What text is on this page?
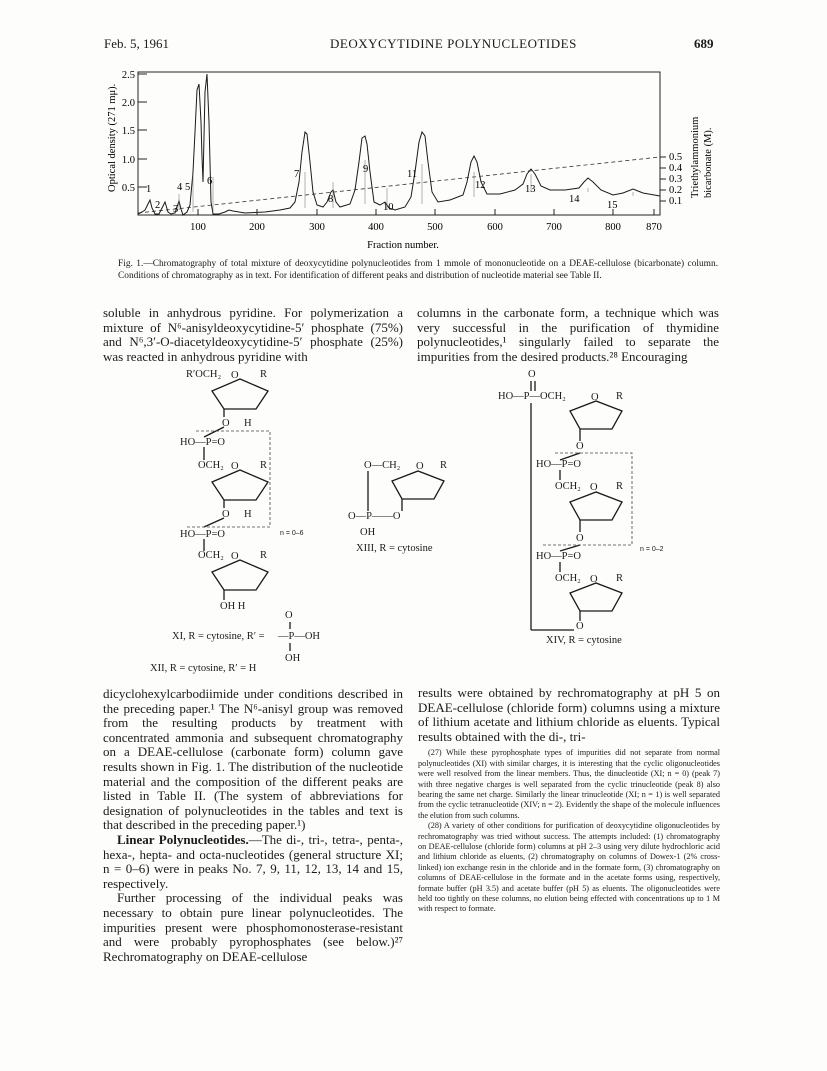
Feb. 5, 1961	DEOXYCYTIDINE POLYNUCLEOTIDES	689
Optical density (271 mμ). 0.5
1.0
1.5
2.0
2.5
1
2 3
4 5
6
7
8
9
10
11
12	13
14
15
100	200	300	400	500	600	700	800 870
Fraction number.
0.5
0.4
0.3
0.2
0.1
Triethylammonium bicarbonate (M).
Fig. 1.—Chromatography of total mixture of deoxycytidine polynucleotides from 1 mmole of mononucleotide on a DEAE-cellulose (bicarbonate) column. Conditions of chromatography as in text. For identification of different peaks and distribution of nucleotide material see Table II.

soluble in anhydrous pyridine. For polymerization a mixture of N⁶-anisyldeoxycytidine-5′ phosphate (75%) and N⁶,3′-O-diacetyldeoxycytidine-5′ phosphate (25%) was reacted in anhydrous pyridine with

columns in the carbonate form, a technique which was very successful in the purification of thymidine polynucleotides,¹ singularly failed to separate the impurities from the desired products.²⁸ Encouraging

R′OCH₂ O R
O H
HO—P=O
OCH₂ O R
O H
HO—P=O
OCH₂ O R
OH H
n = 0–6
O
—P—OH
OH
XI, R = cytosine, R′ =
XII, R = cytosine, R′ = H
O—CH₂ O R
O—P——O
OH
XIII, R = cytosine
O
HO—P—OCH₂ O R
O
HO—P=O
OCH₂ O R
O
HO—P=O
OCH₂ O R
O
n = 0–2
XIV, R = cytosine

dicyclohexylcarbodiimide under conditions described in the preceding paper.¹ The N⁶-anisyl group was removed from the resulting products by treatment with concentrated ammonia and subsequent chromatography on a DEAE-cellulose (carbonate form) column gave results shown in Fig. 1. The distribution of the nucleotide material and the composition of the different peaks are listed in Table II. (The system of abbreviations for designation of polynucleotides in the tables and text is that described in the preceding paper.¹)

Linear Polynucleotides.—The di-, tri-, tetra-, penta-, hexa-, hepta- and octa-nucleotides (general structure XI; n = 0–6) were in peaks No. 7, 9, 11, 12, 13, 14 and 15, respectively.

Further processing of the individual peaks was necessary to obtain pure linear polynucleotides. The impurities present were phosphomonosterase-resistant and were probably pyrophosphates (see below.)²⁷ Rechromatography on DEAE-cellulose

results were obtained by rechromatography at pH 5 on DEAE-cellulose (chloride form) columns using a mixture of lithium acetate and lithium chloride as eluents. Typical results obtained with the di-, tri-

(27) While these pyrophosphate types of impurities did not separate from normal polynucleotides (XI) with similar charges, it is interesting that the cyclic oligonucleotides were well resolved from the linear members. Thus, the dinucleotide (XI; n = 0) (peak 7) with three negative charges is well separated from the cyclic trinucleotide (peak 8) also bearing the same net charge. Similarly the linear trinucleotide (XI; n = 1) is well separated from the cyclic tetranucleotide (XIV; n = 2). Evidently the shape of the molecule influences the elution from such columns.

(28) A variety of other conditions for purification of deoxycytidine oligonucleotides by rechromatography was tried without success. The attempts included: (1) chromatography on DEAE-cellulose (chloride form) columns at pH 2–3 using very dilute hydrochloric acid and lithium chloride as eluents, (2) chromatography on columns of Dowex-1 (2% cross-linked) ion exchange resin in the chloride and in the formate form, (3) chromatography on columns of DEAE-cellulose in the formate and in the acetate forms using, respectively, formate buffer (pH 3.5) and acetate buffer (pH 5) as eluents. The oligonucleotides were held too tightly on these columns, no elution being effected with concentrations up to 1 M with respect to formate.
